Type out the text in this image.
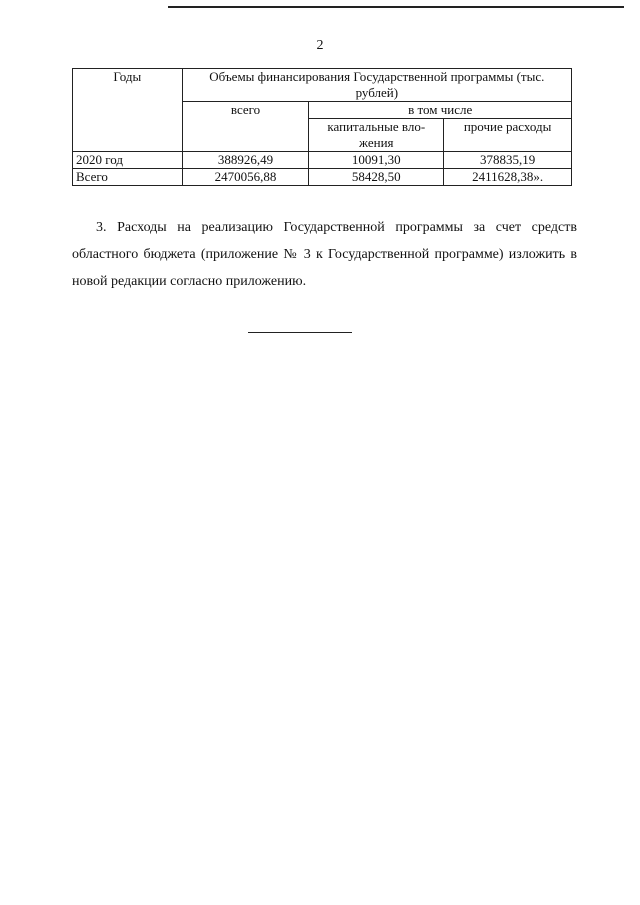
2
Годы	Объемы финансирования Государственной программы (тыс. рублей)		
	всего	в том числе	
		капитальные вло-жения	прочие расходы
2020 год	388926,49	10091,30	378835,19
Всего	2470056,88	58428,50	2411628,38».

3. Расходы на реализацию Государственной программы за счет средств областного бюджета (приложение № 3 к Государственной программе) изложить в новой редакции согласно приложению.
